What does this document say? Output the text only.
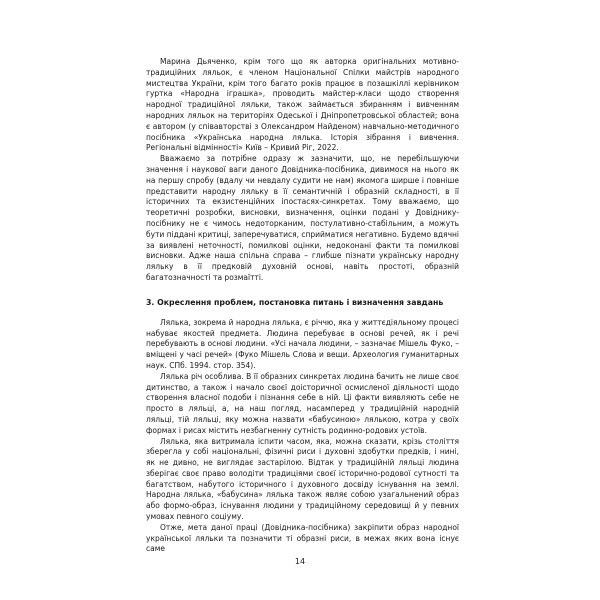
Марина Дьяченко, крім того що як авторка оригінальних мотивно-традиційних ляльок, є членом Національної Спілки майстрів народного мистецтва України, крім того багато років працює в позашкіллі керівником гуртка «Народна іграшка», проводить майстер-класи щодо створення народної традиційної ляльки, також займається збиранням і вивченням народних ляльок на територіях Одеської і Дніпропетровської областей; вона є автором (у співавторстві з Олександром Найденом) навчально-методичного посібника «Українська народна лялька. Історія зібрання і вивчення. Регіональні відмінності» Київ – Кривий Ріг, 2022.

Вважаємо за потрібне одразу ж зазначити, що, не перебільшуючи значення і наукової ваги даного Довідника-посібника, дивимося на нього як на першу спробу (вдалу чи невдалу судити не нам) якомога ширше і повніше представити народну ляльку в її семантичній і образній складності, в її історичних та екзистенційних іпостасях-синкретах. Тому вважаємо, що теоретичні розробки, висновки, визначення, оцінки подані у Довіднику-посібнику не є чимось недоторканим, постулативно-стабільним, а можуть бути піддані критиці, заперечуватися, сприйматися негативно. Будемо вдячні за виявлені неточності, помилкові оцінки, недоконані факти та помилкові висновки. Адже наша спільна справа – глибше пізнати українську народну ляльку в її предковій духовній основі, навіть простоті, образній багатозначності та розмаїтті.

3. Окреслення проблем, постановка питань і визначення завдань

Лялька, зокрема й народна лялька, є річчю, яка у життєдіяльному процесі набуває якостей предмета. Людина перебуває в основі речей, як і речі перебувають в основі людини. «Усі начала людини, – зазначає Мішель Фуко, – вміщені у часі речей» (Фуко Мішель Слова и вещи. Археология гуманитарных наук. СПб. 1994. стор. 354).

Лялька річ особлива. В її образних синкретах людина бачить не лише своє дитинство, а також і начало своєї доісторичної осмисленої діяльності щодо створення власної подоби і пізнання себе в ній. Ці факти виявляють себе не просто в ляльці, а, на наш погляд, насамперед у традиційній народній ляльці, тій ляльці, яку можна назвати «бабусиною» лялькою, котра у своїх формах і рисах містить незбагненну сутність родинно-родових устоїв.

Лялька, яка витримала іспити часом, яка, можна сказати, крізь століття зберегла у собі національні, фізичні риси і духовні здобутки предків, і нині, як не дивно, не виглядає застарілою. Відтак у традиційній ляльці людина зберігає своє право володіти традиціями своєї історично-родової сутності та багатством, набутого історичного і духовного досвіду існування на землі. Народна лялька, «бабусина» лялька також являє собою узагальнений образ або формо-образ, існування людини у традиційному середовищі й у певних умовах певного соціуму.

Отже, мета даної праці (Довідника-посібника) закріпити образ народної української ляльки та позначити ті образні риси, в межах яких вона існує саме

14
